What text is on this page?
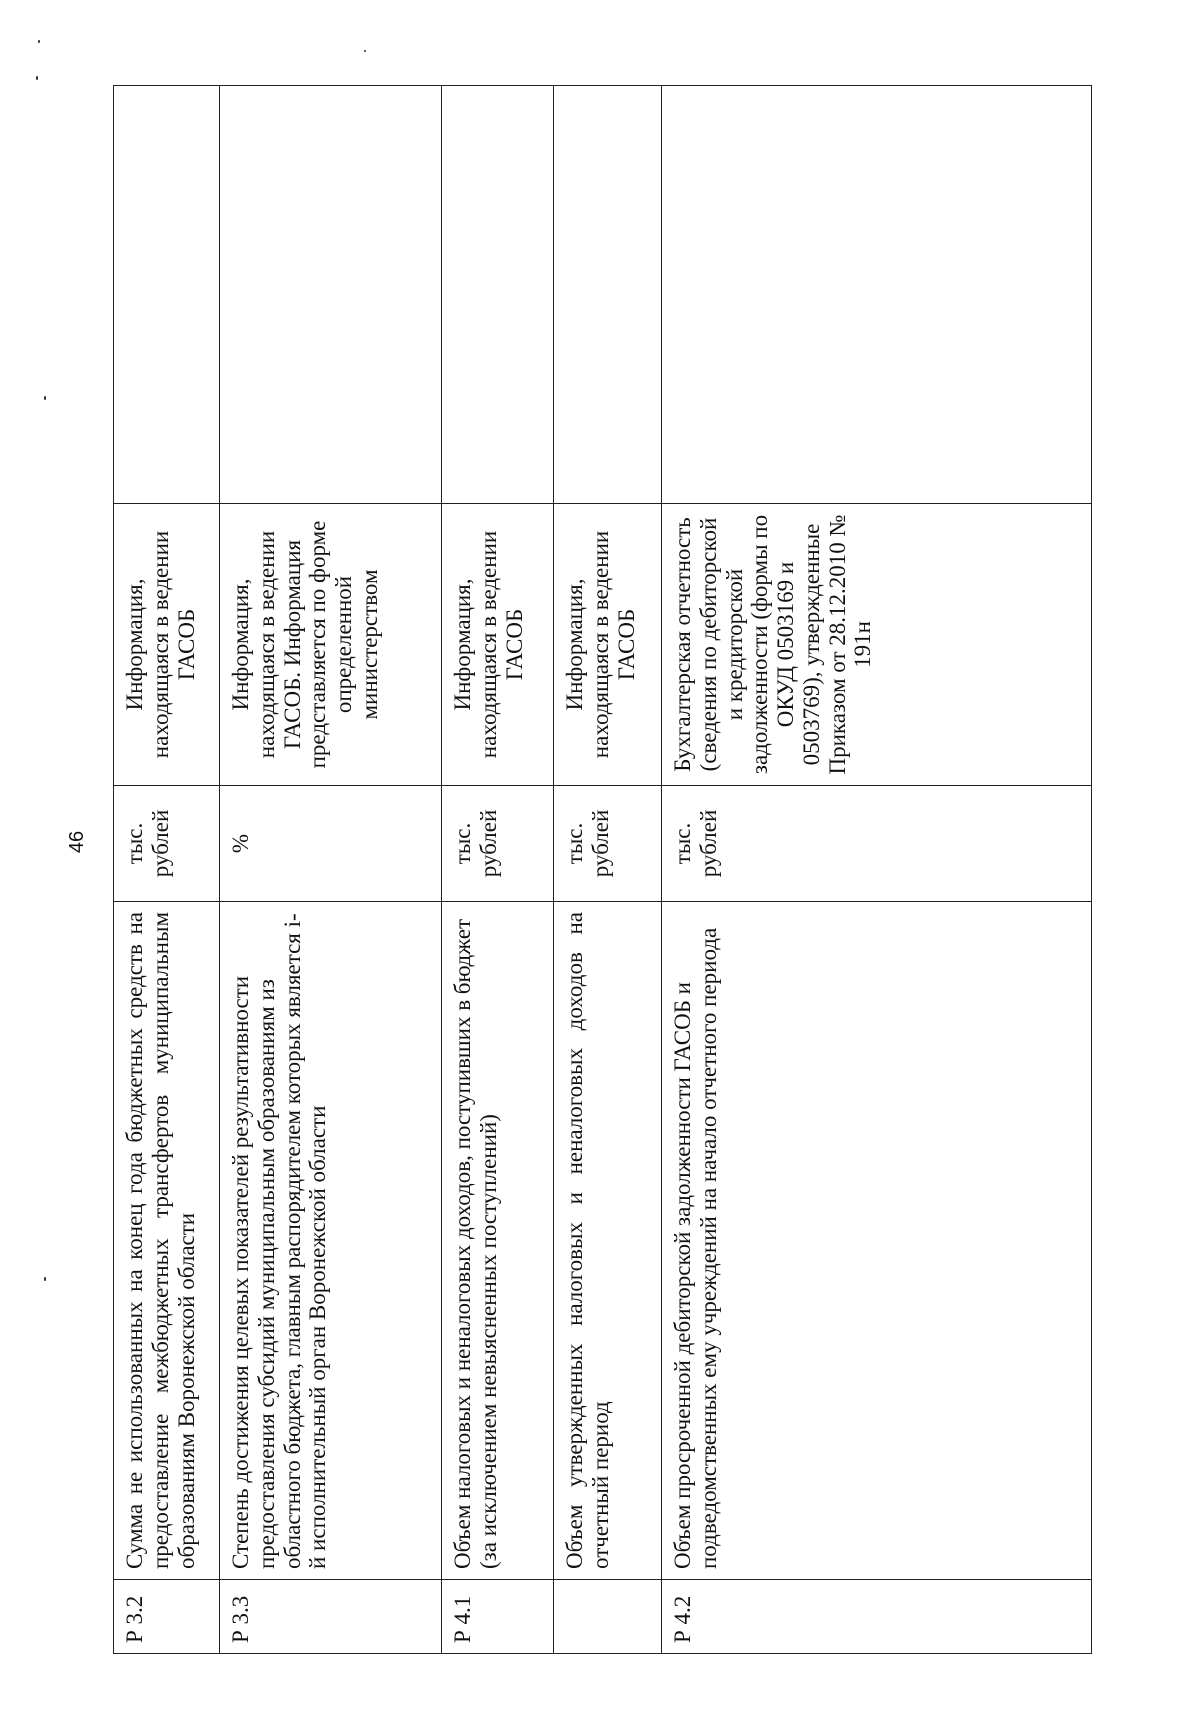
46
Р 3.2	Сумма не использованных на конец года бюджетных средств на предоставление межбюджетных трансфертов муниципальным образованиям Воронежской области	тыс. рублей	Информация, находящаяся в ведении ГАСОБ	
Р 3.3	Степень достижения целевых показателей результативности предоставления субсидий муниципальным образованиям из областного бюджета, главным распорядителем которых является i-й исполнительный орган Воронежской области	%	Информация, находящаяся в ведении ГАСОБ. Информация представляется по форме определенной министерством	
Р 4.1	Объем налоговых и неналоговых доходов, поступивших в бюджет (за исключением невыясненных поступлений)	тыс. рублей	Информация, находящаяся в ведении ГАСОБ	
	Объем утвержденных налоговых и неналоговых доходов на отчетный период	тыс. рублей	Информация, находящаяся в ведении ГАСОБ	
Р 4.2	Объем просроченной дебиторской задолженности ГАСОБ и подведомственных ему учреждений на начало отчетного периода	тыс. рублей	Бухгалтерская отчетность (сведения по дебиторской и кредиторской задолженности (формы по ОКУД 0503169 и 0503769), утвержденные Приказом от 28.12.2010 № 191н	
